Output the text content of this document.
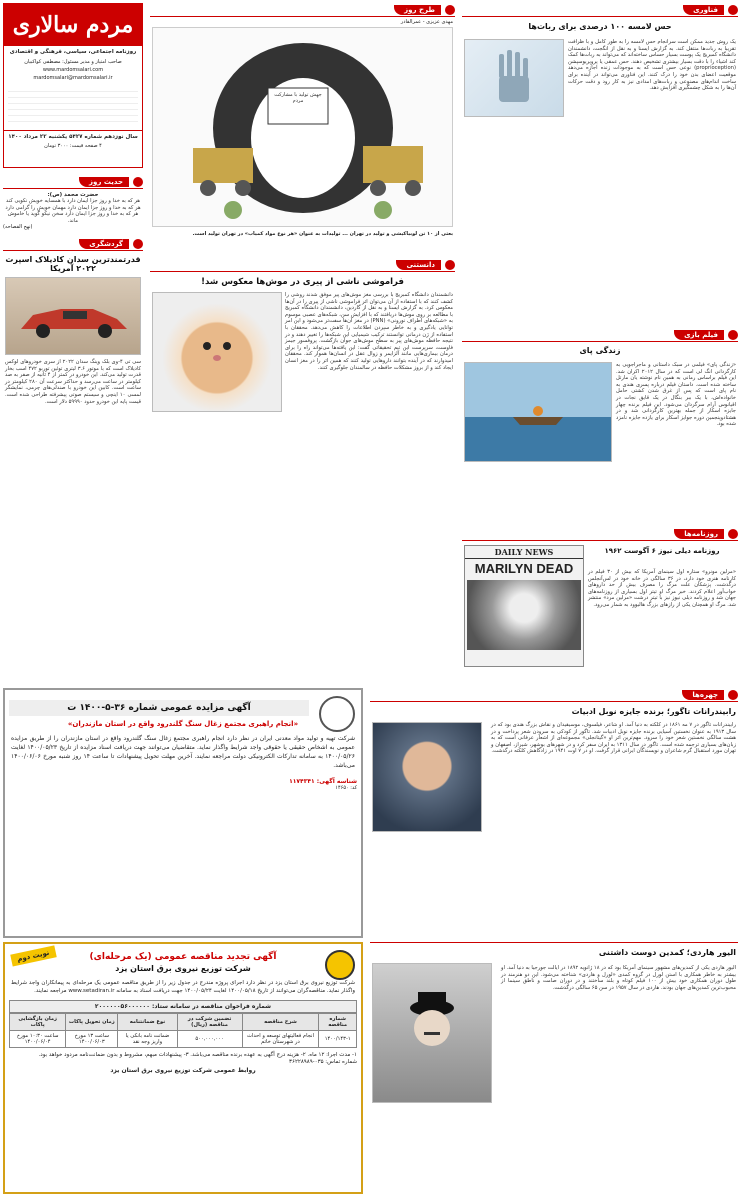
مردم سالاری
روزنامه اجتماعی، سیاسی، فرهنگی و اقتصادی
صاحب امتیاز و مدیر مسئول: مصطفی کواکبیان
www.mardomsalari.com
mardomsalari@mardomsalari.ir
سال نوزدهم شماره ۵۴۲۷ یکشنبه ۲۲ مرداد ۱۴۰۰
۴ صفحه قیمت: ۳۰۰۰ تومان
حدیث روز
حضرت محمد (ص):
هر که به خدا و روز جزا ایمان دارد با همسایه خویش نکویی کند هر که به خدا و روز جزا ایمان دارد مهمان خویش را گرامی دارد هر که به خدا و روز جزا ایمان دارد سخن نیکو گوید یا خاموش ماند.
(نهج الفصاحه)
گردشگری
قدرتمندترین سدان کادیلاک اسپرت ۲۰۲۲ آمریکا
سی تی ۴-وی بلک وینگ سدان ۲۰۲۲ از سری خودروهای لوکس کادیلاک است که با موتور ۳.۶ لیتری توئین توربو ۴۷۲ اسب بخار قدرت تولید می‌کند. این خودرو در کمتر از ۴ ثانیه از صفر به صد کیلومتر در ساعت می‌رسد و حداکثر سرعت آن ۲۸۰ کیلومتر در ساعت است. کابین این خودرو با صندلی‌های چرمی، نمایشگر لمسی ۱۰ اینچی و سیستم صوتی پیشرفته طراحی شده است. قیمت پایه این خودرو حدود ۵۹۹۹۰ دلار است.
طرح روز
مهدی عزیزی - عمرالقادر
جهش تولید با مشارکت مردم
بعثی از ۱۰ تن لوبیاکیشی و تولید در تهران ... تولیدات به عنوان «هر نوع مواد کمیاب» در تهران تولید است.
دانستنی
فراموشی ناشی از پیری در موش‌ها معکوس شد!
دانشمندان دانشگاه کمبریج با بررسی مغز موش‌های پیر موفق شدند روشی را کشف کنند که با استفاده از آن می‌توان اثر فراموشی ناشی از پیری را در آن‌ها معکوس کرد. به گزارش ایسنا و به نقل از گاردین، دانشمندان دانشگاه کمبریج با مطالعه بر روی موش‌ها دریافتند که با افزایش سن، شبکه‌های عصبی موسوم به «شبکه‌های اطراف نورونی» (PNN) در مغز آن‌ها سفت‌تر می‌شود و این امر توانایی یادگیری و به خاطر سپردن اطلاعات را کاهش می‌دهد. محققان با استفاده از ژن درمانی توانستند ترکیب شیمیایی این شبکه‌ها را تغییر دهند و در نتیجه حافظه موش‌های پیر به سطح موش‌های جوان بازگشت. پروفسور جیمز فاوست، سرپرست این تیم تحقیقاتی گفت: این یافته‌ها می‌تواند راه را برای درمان بیماری‌هایی مانند آلزایمر و زوال عقل در انسان‌ها هموار کند. محققان امیدوارند که در آینده بتوانند داروهایی تولید کنند که همین اثر را در مغز انسان ایجاد کند و از بروز مشکلات حافظه در سالمندان جلوگیری کنند.
فناوری
حس لامسه ۱۰۰ درصدی برای ربات‌ها
یک روش جدید ممکن است سرانجام حس لامسه را به طور کامل و با ظرافت تقریبا به ربات‌ها منتقل کند. به گزارش ایسنا و به نقل از انگجت، دانشمندان دانشگاه کمبریج یک پوست بسیار حساس ساخته‌اند که می‌تواند به ربات‌ها کمک کند اشیاء را با دقت بسیار بیشتری تشخیص دهند. حس عمقی یا پروپریوسپشن (proprioception) نوعی حس است که به موجودات زنده اجازه می‌دهد موقعیت اعضای بدن خود را درک کنند. این فناوری می‌تواند در آینده برای ساخت اندام‌های مصنوعی و ربات‌های امدادی نیز به کار رود و دقت حرکات آن‌ها را به شکل چشمگیری افزایش دهد.
فیلم بازی
زندگی پای
«زندگی پای» فیلمی در سبک داستانی و ماجراجویی به کارگردانی انگ لی است که در سال ۲۰۱۲ اکران شد. این فیلم براساس رمانی به همین نام نوشته یان مارتل ساخته شده است. داستان فیلم درباره پسری هندی به نام پای است که پس از غرق شدن کشتی حامل خانواده‌اش، با یک ببر بنگال در یک قایق نجات در اقیانوس آرام سرگردان می‌شود. این فیلم برنده چهار جایزه اسکار از جمله بهترین کارگردانی شد و در هشتادوپنجمین دوره جوایز اسکار برای یازده جایزه نامزد شده بود.
روزنامه‌ها
DAILY NEWS
MARILYN DEAD
روزنامه دیلی نیوز ۶ آگوست ۱۹۶۲
«مرلین مونرو» ستاره اول سینمای آمریکا که بیش از ۳۰ فیلم در کارنامه هنری خود دارد، در ۳۶ سالگی در خانه خود در لس‌آنجلس درگذشت. پزشکان علت مرگ را مصرف بیش از حد داروهای خواب‌آور اعلام کردند. خبر مرگ او تیتر اول بسیاری از روزنامه‌های جهان شد و روزنامه دیلی نیوز نیز با تیتر درشت «مرلین مرد» منتشر شد. مرگ او همچنان یکی از رازهای بزرگ هالیوود به شمار می‌رود.
آگهی مزایده عمومی شماره ۳۶-۵-۱۴۰۰ ت
«انجام راهبری مجتمع زغال سنگ گلندرود واقع در استان مازندران»
شرکت تهیه و تولید مواد معدنی ایران در نظر دارد انجام راهبری مجتمع زغال سنگ گلندرود واقع در استان مازندران را از طریق مزایده عمومی به اشخاص حقیقی یا حقوقی واجد شرایط واگذار نماید. متقاضیان می‌توانند جهت دریافت اسناد مزایده از تاریخ ۱۴۰۰/۰۵/۲۳ لغایت ۱۴۰۰/۰۵/۲۶ به سامانه تدارکات الکترونیکی دولت مراجعه نمایند. آخرین مهلت تحویل پیشنهادات تا ساعت ۱۴ روز شنبه مورخ ۱۴۰۰/۰۶/۰۶ می‌باشد.
شناسه آگهی: ۱۱۷۴۳۴۱
کد: ۱۴۶۵۰
نوبت دوم	آگهی تجدید مناقصه عمومی (یک مرحله‌ای)
شرکت توزیع نیروی برق استان یزد
شرکت توزیع نیروی برق استان یزد در نظر دارد اجرای پروژه مندرج در جدول زیر را از طریق مناقصه عمومی یک مرحله‌ای به پیمانکاران واجد شرایط واگذار نماید. مناقصه‌گران می‌توانند از تاریخ ۱۴۰۰/۰۵/۱۸ لغایت ۱۴۰۰/۰۵/۲۴ جهت دریافت اسناد به سامانه www.setadiran.ir مراجعه نمایند.
شماره فراخوان مناقصه در سامانه ستاد: ۲۰۰۰۰۰۰۵۶۰۰۰۰۰۰
شماره مناقصه	شرح مناقصه	تضمین شرکت در مناقصه (ریال)	نوع ضمانتنامه	زمان تحویل پاکات	زمان بازگشایی پاکات
۱۴۰۰/۱۴۳-۱	انجام فعالیتهای توسعه و احداث در شهرستان خاتم	۵۰۰,۰۰۰,۰۰۰	ضمانت نامه بانکی یا واریز وجه نقد	ساعت ۱۳ مورخ ۱۴۰۰/۰۶/۰۳	ساعت ۱۰:۳۰ مورخ ۱۴۰۰/۰۶/۰۴
۱- مدت اجرا: ۱۲ ماه. ۲- هزینه درج آگهی به عهده برنده مناقصه می‌باشد. ۳- پیشنهادات مبهم، مشروط و بدون ضمانت‌نامه مردود خواهد بود.
شماره تماس: ۰۳۵-۳۶۲۲۸۹۸۹
روابط عمومی شرکت توزیع نیروی برق استان یزد
چهره‌ها
رابیندرانات تاگور؛ برنده جایزه نوبل ادبیات
رابیندرانات تاگور در ۷ مه ۱۸۶۱ در کلکته به دنیا آمد. او شاعر، فیلسوف، موسیقیدان و نقاش بزرگ هندی بود که در سال ۱۹۱۳ به عنوان نخستین آسیایی برنده جایزه نوبل ادبیات شد. تاگور از کودکی به سرودن شعر پرداخت و در هشت سالگی نخستین شعر خود را سرود. مهم‌ترین اثر او «گیتانجلی» مجموعه‌ای از اشعار عرفانی است که به زبان‌های بسیاری ترجمه شده است. تاگور در سال ۱۳۱۱ به ایران سفر کرد و در شهرهای بوشهر، شیراز، اصفهان و تهران مورد استقبال گرم شاعران و نویسندگان ایرانی قرار گرفت. او در ۷ اوت ۱۹۴۱ در زادگاهش کلکته درگذشت.
الیور هاردی؛ کمدین دوست داشتنی
الیور هاردی یکی از کمدین‌های مشهور سینمای آمریکا بود که در ۱۸ ژانویه ۱۸۹۲ در ایالت جورجیا به دنیا آمد. او بیشتر به خاطر همکاری با استن لورل در گروه کمدی «لورل و هاردی» شناخته می‌شود. این دو هنرمند در طول دوران همکاری خود بیش از ۱۰۰ فیلم کوتاه و بلند ساختند و در دوران صامت و ناطق سینما از محبوب‌ترین کمدین‌های جهان بودند. هاردی در سال ۱۹۵۷ در سن ۶۵ سالگی درگذشت.
